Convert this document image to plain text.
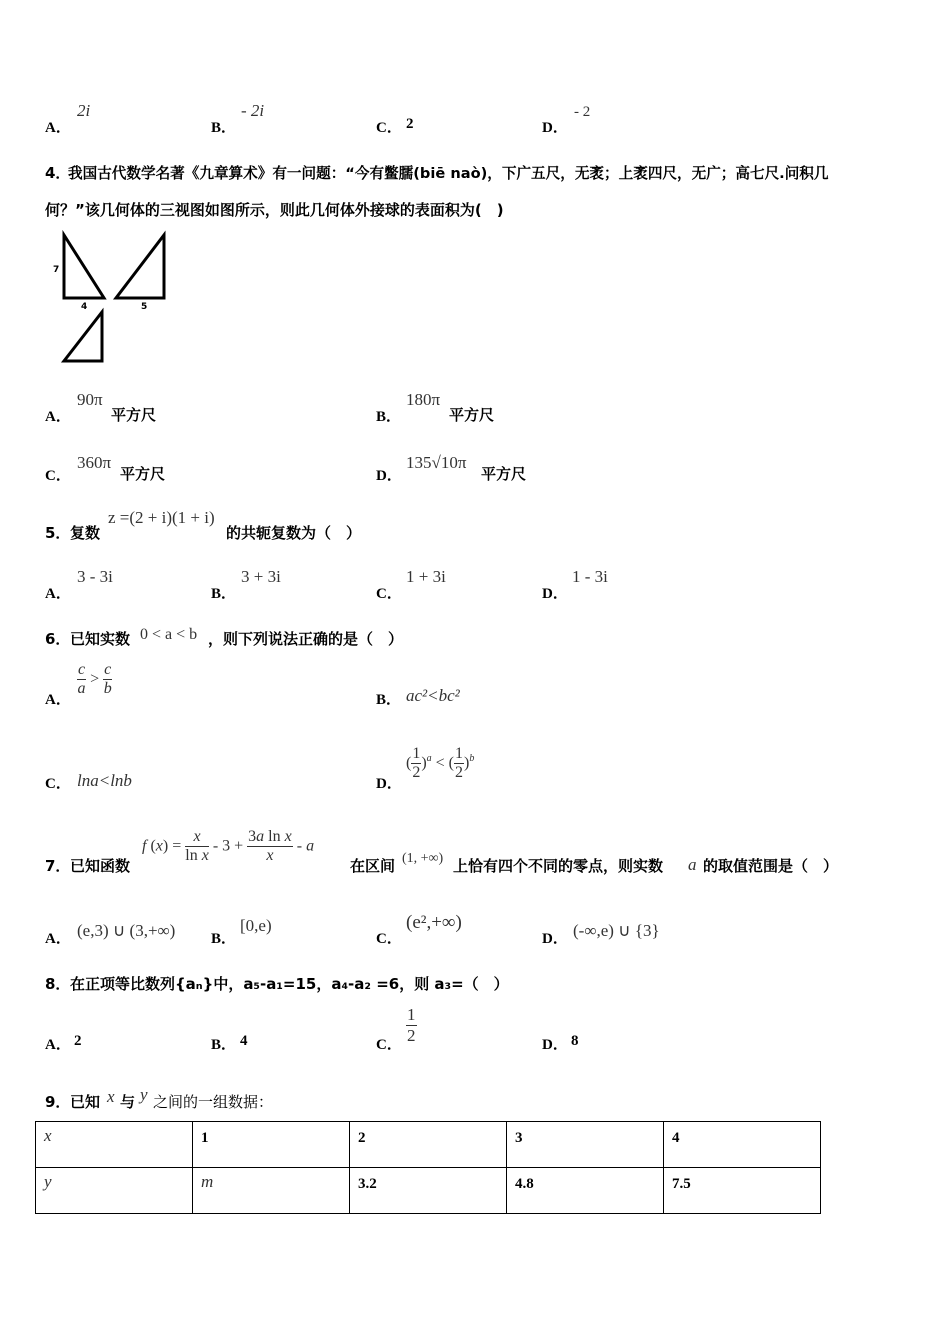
A．
2i
B．
- 2i
C． 2	D．
- 2
4．
我国古代数学名著《九章算术》有一问题：“今有鳖臑(biē naò)，下广五尺，无袤；上袤四尺，无广；高七尺.问积几
何？”该几何体的三视图如图所示，则此几何体外接球的表面积为(　)
7
4	5
A．
90π
平方尺	B．
180π
平方尺
C．
360π
平方尺	D．
135√10π
平方尺
5． 复数
z =(2 + i)(1 + i)
的共轭复数为（　）
A．
3 - 3i
B．
3 + 3i
C．
1 + 3i
D．
1 - 3i
6． 已知实数 0 < a < b ，则下列说法正确的是（　）
A．
$\frac{c}{a} > \frac{c}{b}$
B． ac²<bc²
C． lna<lnb	D．
( $\frac{1}{2} )^a$ < ( $\frac{1}{2} )^b$
7． 已知函数
f $(x) = \frac{x}{\text{ln x}} - 3 + \frac{\text{3a ln x}}{x} - a$
在区间 (1, +∞) 上恰有四个不同的零点，则实数 a 的取值范围是（　）
A． (e,3) ∪ (3,+∞) B．
[0,e)
C．
(e²,+∞)
D． (-∞,e) ∪ {3}
8． 在正项等比数列{aₙ}中，a₅-a₁=15，a₄-a₂ =6，则 a₃=（　）
A． 2	B． 4	C． $\frac{1}{2}$	D． 8
9． 已知 x 与 y 之间的一组数据：
x	1	2	3	4
y	m	3.2	4.8	7.5
